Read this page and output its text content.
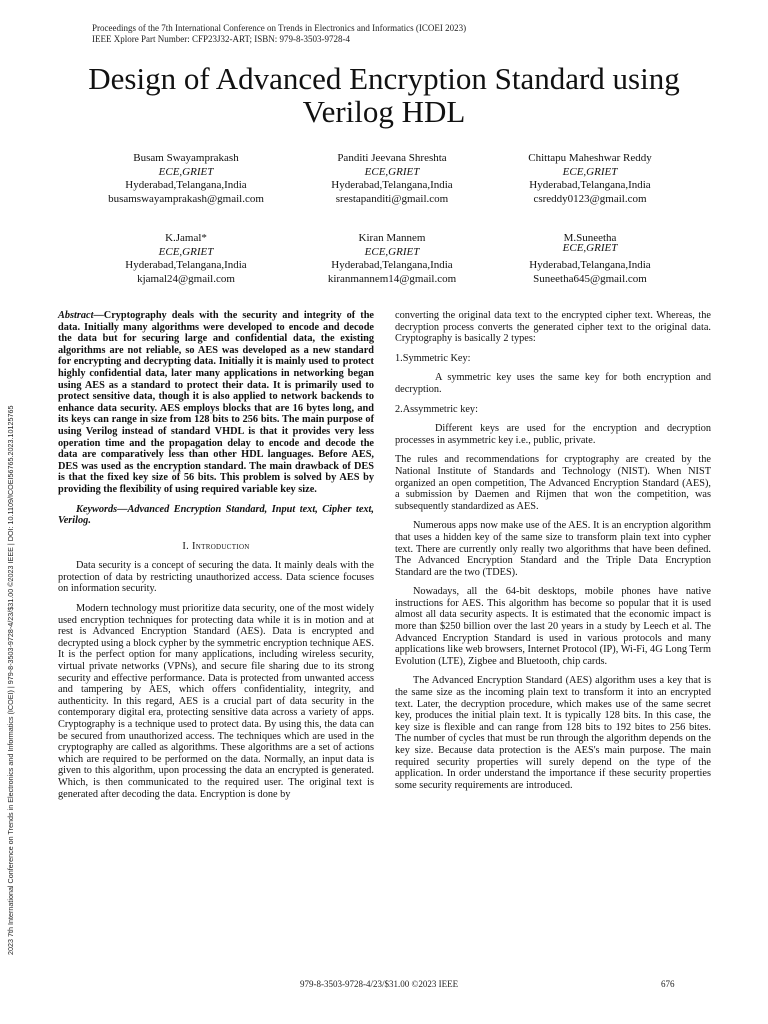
Proceedings of the 7th International Conference on Trends in Electronics and Informatics (ICOEI 2023)
IEEE Xplore Part Number: CFP23J32-ART; ISBN: 979-8-3503-9728-4
Design of Advanced Encryption Standard using
Verilog HDL
Busam Swayamprakash
ECE,GRIET
Hyderabad,Telangana,India
busamswayamprakash@gmail.com
Panditi Jeevana Shreshta
ECE,GRIET
Hyderabad,Telangana,India
srestapanditi@gmail.com
Chittapu Maheshwar Reddy
ECE,GRIET
Hyderabad,Telangana,India
csreddy0123@gmail.com
K.Jamal*
ECE,GRIET
Hyderabad,Telangana,India
kjamal24@gmail.com
Kiran Mannem
ECE,GRIET
Hyderabad,Telangana,India
kiranmannem14@gmail.com
M.Suneetha
ECE,GRIET
Hyderabad,Telangana,India
Suneetha645@gmail.com
2023 7th International Conference on Trends in Electronics and Informatics (ICOEI) | 979-8-3503-9728-4/23/$31.00 ©2023 IEEE | DOI: 10.1109/ICOEI56765.2023.10125765

Abstract—Cryptography deals with the security and integrity of the data. Initially many algorithms were developed to encode and decode the data but for securing large and confidential data, the existing algorithms are not reliable, so AES was developed as a new standard for encrypting and decrypting data. Initially it is mainly used to protect highly confidential data, later many applications in networking began using AES as a standard to protect their data. It is primarily used to protect sensitive data, though it is also applied to network backends to enhance data security. AES employs blocks that are 16 bytes long, and its keys can range in size from 128 bits to 256 bits. The main purpose of using Verilog instead of standard VHDL is that it provides very less operation time and the propagation delay to encode and decode the data are comparatively less than other HDL languages. Before AES, DES was used as the encryption standard. The main drawback of DES is that the fixed key size of 56 bits. This problem is solved by AES by providing the flexibility of using required variable key size.

Keywords—Advanced Encryption Standard, Input text, Cipher text, Verilog.

I. Introduction

Data security is a concept of securing the data. It mainly deals with the protection of data by restricting unauthorized access. Data science focuses on information security.

Modern technology must prioritize data security, one of the most widely used encryption techniques for protecting data while it is in motion and at rest is Advanced Encryption Standard (AES). Data is encrypted and decrypted using a block cypher by the symmetric encryption technique AES. It is the perfect option for many applications, including wireless security, virtual private networks (VPNs), and secure file sharing due to its strong security and effective performance. Data is protected from unwanted access and tampering by AES, which offers confidentiality, integrity, and authenticity. In this regard, AES is a crucial part of data security in the contemporary digital era, protecting sensitive data across a variety of apps. Cryptography is a technique used to protect data. By using this, the data can be secured from unauthorized access. The techniques which are used in the cryptography are called as algorithms. These algorithms are a set of actions which are required to be performed on the data. Normally, an input data is given to this algorithm, upon processing the data an encrypted is generated. Which, is then communicated to the required user. The original text is generated after decoding the data. Encryption is done by

converting the original data text to the encrypted cipher text. Whereas, the decryption process converts the generated cipher text to the original data. Cryptography is basically 2 types:

1.Symmetric Key:

A symmetric key uses the same key for both encryption and decryption.

2.Assymmetric key:

Different keys are used for the encryption and decryption processes in asymmetric key i.e., public, private.

The rules and recommendations for cryptography are created by the National Institute of Standards and Technology (NIST). When NIST organized an open competition, The Advanced Encryption Standard (AES), a submission by Daemen and Rijmen that won the competition, was subsequently standardized as AES.

Numerous apps now make use of the AES. It is an encryption algorithm that uses a hidden key of the same size to transform plain text into cypher text. There are currently only really two algorithms that have been defined. The Advanced Encryption Standard and the Triple Data Encryption Standard are the two (TDES).

Nowadays, all the 64-bit desktops, mobile phones have native instructions for AES. This algorithm has become so popular that it is used almost all data security aspects. It is estimated that the economic impact is more than $250 billion over the last 20 years in a study by Leech et al. The Advanced Encryption Standard is used in various protocols and many applications like web browsers, Internet Protocol (IP), Wi-Fi, 4G Long Term Evolution (LTE), Zigbee and Bluetooth, chip cards.

The Advanced Encryption Standard (AES) algorithm uses a key that is the same size as the incoming plain text to transform it into an encrypted text. Later, the decryption procedure, which makes use of the same secret key, produces the initial plain text. It is typically 128 bits. In this case, the key size is flexible and can range from 128 bits to 192 bites to 256 bites. The number of cycles that must be run through the algorithm depends on the key size. Because data protection is the AES's main purpose. The main required security properties will surely depend on the type of the application. In order understand the importance if these security properties some security requirements are introduced.

979-8-3503-9728-4/23/$31.00 ©2023 IEEE	676
